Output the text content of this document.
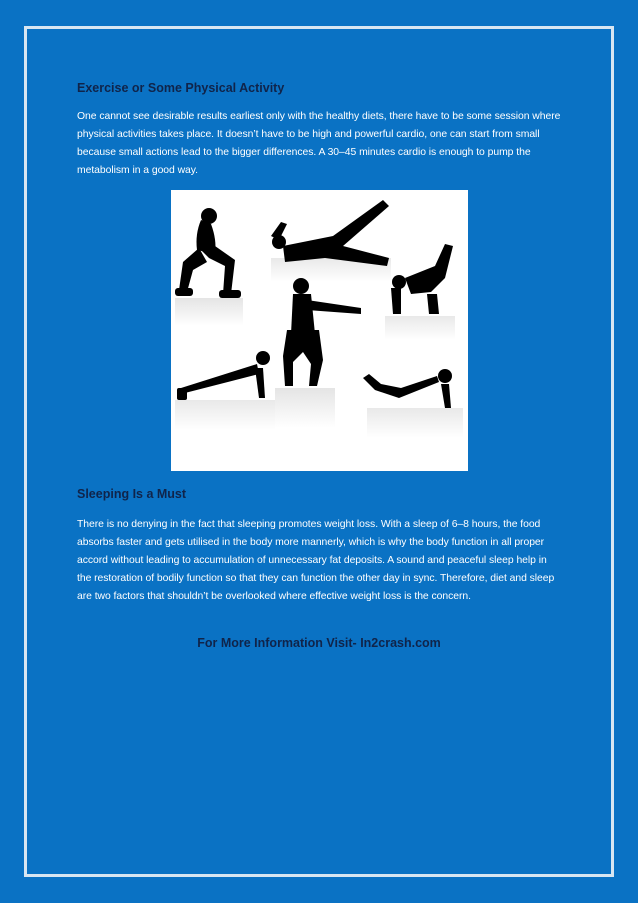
Exercise or Some Physical Activity

One cannot see desirable results earliest only with the healthy diets, there have to be some session where physical activities takes place. It doesn’t have to be high and powerful cardio, one can start from small because small actions lead to the bigger differences. A 30–45 minutes cardio is enough to pump the metabolism in a good way.

Sleeping Is a Must

There is no denying in the fact that sleeping promotes weight loss. With a sleep of 6–8 hours, the food absorbs faster and gets utilised in the body more mannerly, which is why the body function in all proper accord without leading to accumulation of unnecessary fat deposits. A sound and peaceful sleep help in the restoration of bodily function so that they can function the other day in sync. Therefore, diet and sleep are two factors that shouldn’t be overlooked where effective weight loss is the concern.

For More Information Visit- In2crash.com
